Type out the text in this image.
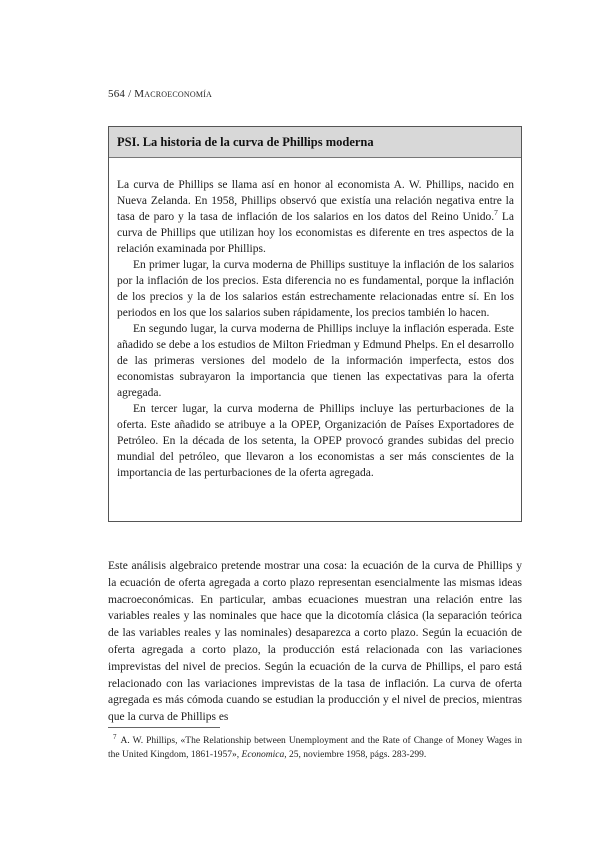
564 / Macroeconomía
PSI. La historia de la curva de Phillips moderna

La curva de Phillips se llama así en honor al economista A. W. Phillips, nacido en Nueva Zelanda. En 1958, Phillips observó que existía una relación negativa entre la tasa de paro y la tasa de inflación de los salarios en los datos del Reino Unido.$^7$ La curva de Phillips que utilizan hoy los economistas es diferente en tres aspectos de la relación examinada por Phillips.

En primer lugar, la curva moderna de Phillips sustituye la inflación de los salarios por la inflación de los precios. Esta diferencia no es fundamental, porque la inflación de los precios y la de los salarios están estrechamente relacionadas entre sí. En los periodos en los que los salarios suben rápidamente, los precios también lo hacen.

En segundo lugar, la curva moderna de Phillips incluye la inflación esperada. Este añadido se debe a los estudios de Milton Friedman y Edmund Phelps. En el desarrollo de las primeras versiones del modelo de la información imperfecta, estos dos economistas subrayaron la importancia que tienen las expectativas para la oferta agregada.

En tercer lugar, la curva moderna de Phillips incluye las perturbaciones de la oferta. Este añadido se atribuye a la OPEP, Organización de Países Exportadores de Petróleo. En la década de los setenta, la OPEP provocó grandes subidas del precio mundial del petróleo, que llevaron a los economistas a ser más conscientes de la importancia de las perturbaciones de la oferta agregada.

Este análisis algebraico pretende mostrar una cosa: la ecuación de la curva de Phillips y la ecuación de oferta agregada a corto plazo representan esencialmente las mismas ideas macroeconómicas. En particular, ambas ecuaciones muestran una relación entre las variables reales y las nominales que hace que la dicotomía clásica (la separación teórica de las variables reales y las nominales) desaparezca a corto plazo. Según la ecuación de oferta agregada a corto plazo, la producción está relacionada con las variaciones imprevistas del nivel de precios. Según la ecuación de la curva de Phillips, el paro está relacionado con las variaciones imprevistas de la tasa de inflación. La curva de oferta agregada es más cómoda cuando se estudian la producción y el nivel de precios, mientras que la curva de Phillips es

$^7$ A. W. Phillips, «The Relationship between Unemployment and the Rate of Change of Money Wages in the United Kingdom, 1861-1957», Economica, 25, noviembre 1958, págs. 283-299.
